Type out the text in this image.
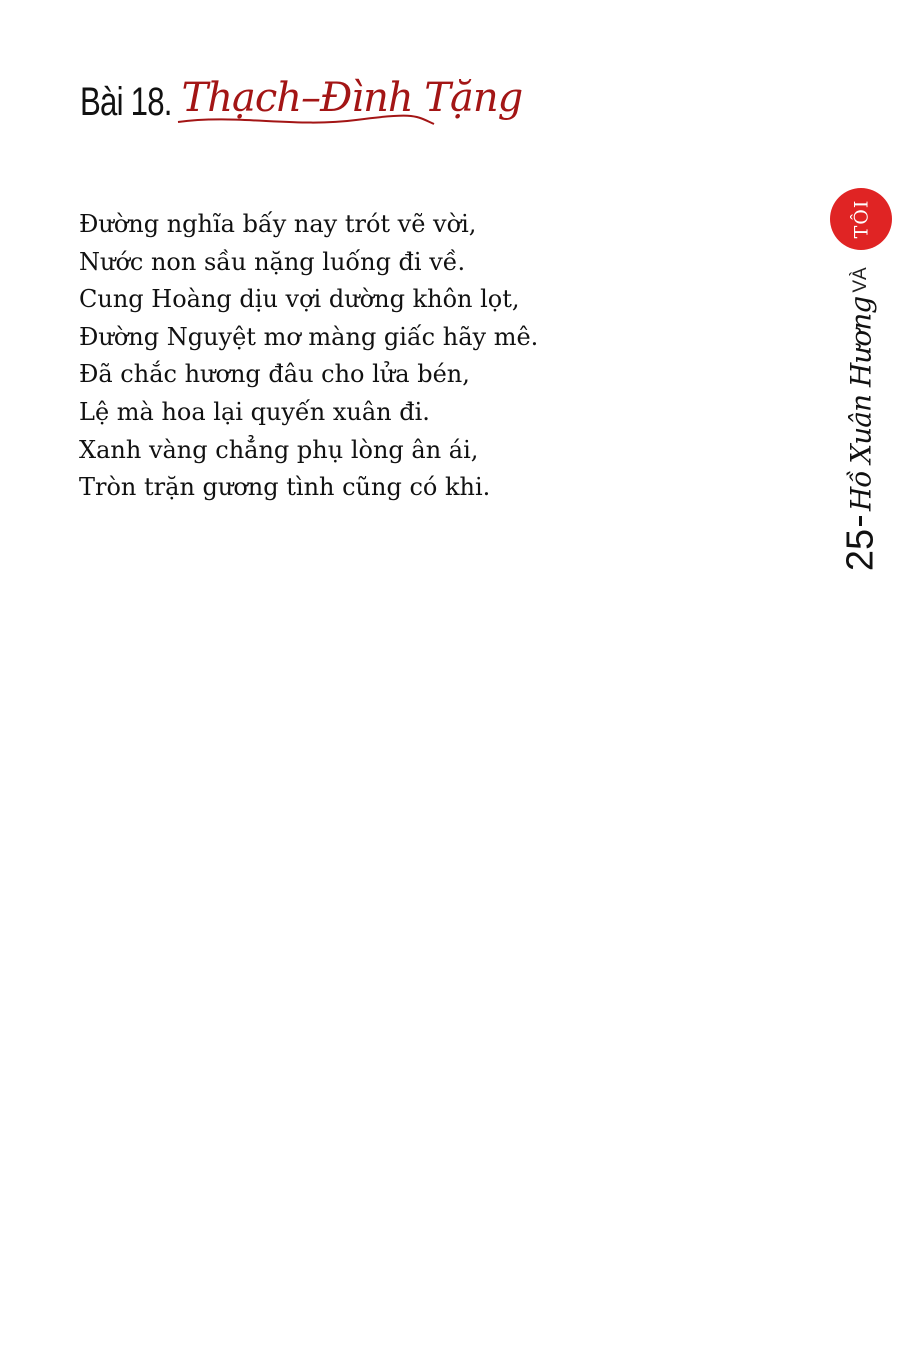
Bài 18. Thạch–Đình Tặng
Đường nghĩa bấy nay trót vẽ vời,
Nước non sầu nặng luống đi về.
Cung Hoàng dịu vợi dường khôn lọt,
Đường Nguyệt mơ màng giấc hãy mê.
Đã chắc hương đâu cho lửa bén,
Lệ mà hoa lại quyến xuân đi.
Xanh vàng chẳng phụ lòng ân ái,
Tròn trặn gương tình cũng có khi.
TÔI
VÀ
Hồ Xuân Hương
25
